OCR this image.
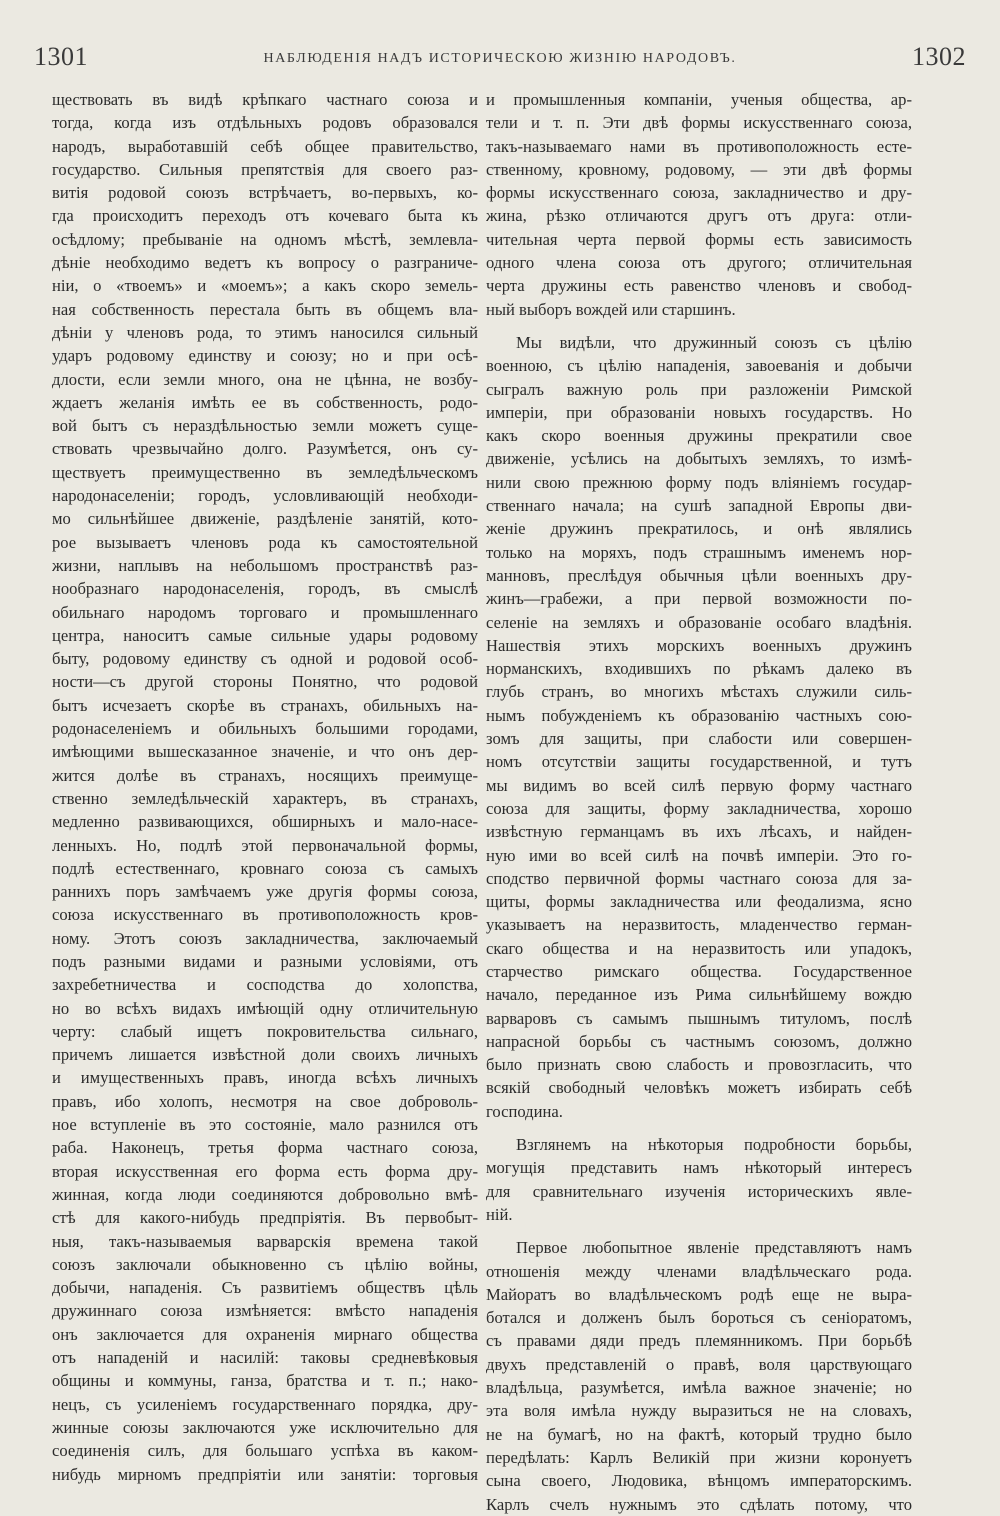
1301	НАБЛЮДЕНІЯ НАДЪ ИСТОРИЧЕСКОЮ ЖИЗНІЮ НАРОДОВЪ.	1302
ществовать въ видѣ крѣпкаго частнаго союза и
тогда, когда изъ отдѣльныхъ родовъ образовался
народъ, выработавшій себѣ общее правительство,
государство. Сильныя препятствія для своего раз-
витія родовой союзъ встрѣчаетъ, во-первыхъ, ко-
гда происходитъ переходъ отъ кочеваго быта къ
осѣдлому; пребываніе на одномъ мѣстѣ, землевла-
дѣніе необходимо ведетъ къ вопросу о разграниче-
ніи, о «твоемъ» и «моемъ»; а какъ скоро земель-
ная собственность перестала быть въ общемъ вла-
дѣніи у членовъ рода, то этимъ наносился сильный
ударъ родовому единству и союзу; но и при осѣ-
длости, если земли много, она не цѣнна, не возбу-
ждаетъ желанія имѣть ее въ собственность, родо-
вой бытъ съ нераздѣльностью земли можетъ суще-
ствовать чрезвычайно долго. Разумѣется, онъ су-
ществуетъ преимущественно въ земледѣльческомъ
народонаселеніи; городъ, условливающій необходи-
мо сильнѣйшее движеніе, раздѣленіе занятій, кото-
рое вызываетъ членовъ рода къ самостоятельной
жизни, наплывъ на небольшомъ пространствѣ раз-
нообразнаго народонаселенія, городъ, въ смыслѣ
обильнаго народомъ торговаго и промышленнаго
центра, наноситъ самые сильные удары родовому
быту, родовому единству съ одной и родовой особ-
ности—съ другой стороны Понятно, что родовой
бытъ исчезаетъ скорѣе въ странахъ, обильныхъ на-
родонаселеніемъ и обильныхъ большими городами,
имѣющими вышесказанное значеніе, и что онъ дер-
жится долѣе въ странахъ, носящихъ преимуще-
ственно земледѣльческій характеръ, въ странахъ,
медленно развивающихся, обширныхъ и мало-насе-
ленныхъ. Но, подлѣ этой первоначальной формы,
подлѣ естественнаго, кровнаго союза съ самыхъ
раннихъ поръ замѣчаемъ уже другія формы союза,
союза искусственнаго въ противоположность кров-
ному. Этотъ союзъ закладничества, заключаемый
подъ разными видами и разными условіями, отъ
захребетничества и сосподства до холопства,
но во всѣхъ видахъ имѣющій одну отличительную
черту: слабый ищетъ покровительства сильнаго,
причемъ лишается извѣстной доли своихъ личныхъ
и имущественныхъ правъ, иногда всѣхъ личныхъ
правъ, ибо холопъ, несмотря на свое доброволь-
ное вступленіе въ это состояніе, мало разнился отъ
раба. Наконецъ, третья форма частнаго союза,
вторая искусственная его форма есть форма дру-
жинная, когда люди соединяются добровольно вмѣ-
стѣ для какого-нибудь предпріятія. Въ первобыт-
ныя, такъ-называемыя варварскія времена такой
союзъ заключали обыкновенно съ цѣлію войны,
добычи, нападенія. Съ развитіемъ обществъ цѣль
дружиннаго союза измѣняется: вмѣсто нападенія
онъ заключается для охраненія мирнаго общества
отъ нападеній и насилій: таковы средневѣковыя
общины и коммуны, ганза, братства и т. п.; нако-
нецъ, съ усиленіемъ государственнаго порядка, дру-
жинные союзы заключаются уже исключительно для
соединенія силъ, для большаго успѣха въ каком-
нибудь мирномъ предпріятіи или занятіи: торговыя
и промышленныя компаніи, ученыя общества, ар-
тели и т. п. Эти двѣ формы искусственнаго союза,
такъ-называемаго нами въ противоположность есте-
ственному, кровному, родовому, — эти двѣ формы
формы искусственнаго союза, закладничество и дру-
жина, рѣзко отличаются другъ отъ друга: отли-
чительная черта первой формы есть зависимость
одного члена союза отъ другого; отличительная
черта дружины есть равенство членовъ и свобод-
ный выборъ вождей или старшинъ.
Мы видѣли, что дружинный союзъ съ цѣлію
военною, съ цѣлію нападенія, завоеванія и добычи
сыгралъ важную роль при разложеніи Римской
имперіи, при образованіи новыхъ государствъ. Но
какъ скоро военныя дружины прекратили свое
движеніе, усѣлись на добытыхъ земляхъ, то измѣ-
нили свою прежнюю форму подъ вліяніемъ государ-
ственнаго начала; на сушѣ западной Европы дви-
женіе дружинъ прекратилось, и онѣ являлись
только на моряхъ, подъ страшнымъ именемъ нор-
манновъ, преслѣдуя обычныя цѣли военныхъ дру-
жинъ—грабежи, а при первой возможности по-
селеніе на земляхъ и образованіе особаго владѣнія.
Нашествія этихъ морскихъ военныхъ дружинъ
норманскихъ, входившихъ по рѣкамъ далеко въ
глубь странъ, во многихъ мѣстахъ служили силь-
нымъ побужденіемъ къ образованію частныхъ сою-
зомъ для защиты, при слабости или совершен-
номъ отсутствіи защиты государственной, и тутъ
мы видимъ во всей силѣ первую форму частнаго
союза для защиты, форму закладничества, хорошо
извѣстную германцамъ въ ихъ лѣсахъ, и найден-
ную ими во всей силѣ на почвѣ имперіи. Это го-
сподство первичной формы частнаго союза для за-
щиты, формы закладничества или феодализма, ясно
указываетъ на неразвитость, младенчество герман-
скаго общества и на неразвитость или упадокъ,
старчество римскаго общества. Государственное
начало, переданное изъ Рима сильнѣйшему вождю
варваровъ съ самымъ пышнымъ титуломъ, послѣ
напрасной борьбы съ частнымъ союзомъ, должно
было признать свою слабость и провозгласить, что
всякій свободный человѣкъ можетъ избирать себѣ
господина.
Взглянемъ на нѣкоторыя подробности борьбы,
могущія представить намъ нѣкоторый интересъ
для сравнительнаго изученія историческихъ явле-
ній.
Первое любопытное явленіе представляютъ намъ
отношенія между членами владѣльческаго рода.
Майоратъ во владѣльческомъ родѣ еще не выра-
ботался и долженъ былъ бороться съ сеніоратомъ,
съ правами дяди предъ племянникомъ. При борьбѣ
двухъ представленій о правѣ, воля царствующаго
владѣльца, разумѣется, имѣла важное значеніе; но
эта воля имѣла нужду выразиться не на словахъ,
не на бумагѣ, но на фактѣ, который трудно было
передѣлать: Карлъ Великій при жизни коронуетъ
сына своего, Людовика, вѣнцомъ императорскимъ.
Карлъ счелъ нужнымъ это сдѣлать потому, что
